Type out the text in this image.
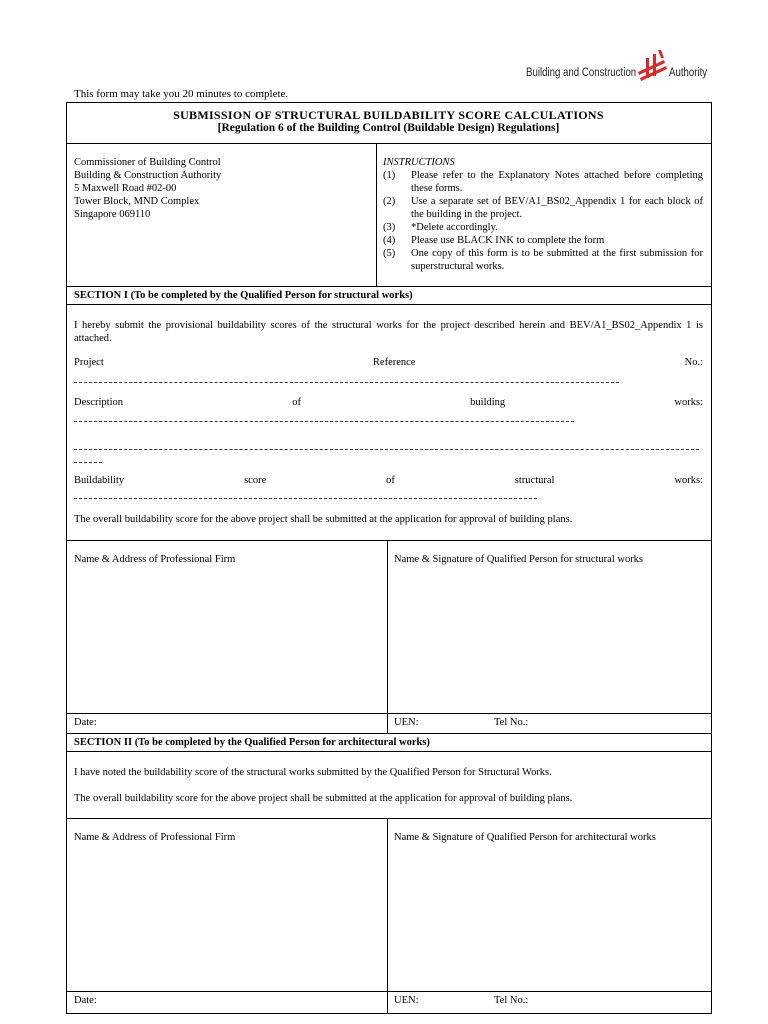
Building and Construction	Authority
This form may take you 20 minutes to complete.
SUBMISSION OF STRUCTURAL BUILDABILITY SCORE CALCULATIONS
[Regulation 6 of the Building Control (Buildable Design) Regulations]
Commissioner of Building Control
Building & Construction Authority
5 Maxwell Road #02-00
Tower Block, MND Complex
Singapore 069110
INSTRUCTIONS
(1)	Please refer to the Explanatory Notes attached before completing these forms.
(2)	Use a separate set of BEV/A1_BS02_Appendix 1 for each block of the building in the project.
(3)	*Delete accordingly.
(4)	Please use BLACK INK to complete the form
(5)	One copy of this form is to be submitted at the first submission for superstructural works.
SECTION I (To be completed by the Qualified Person for structural works)
I hereby submit the provisional buildability scores of the structural works for the project described herein and BEV/A1_BS02_Appendix 1 is attached.
Project	Reference	No.:
Description	of	building	works:
Buildability	score	of	structural	works:
The overall buildability score for the above project shall be submitted at the application for approval of building plans.
Name & Address of Professional Firm	Name & Signature of Qualified Person for structural works
Date:	UEN:	Tel No.:
SECTION II (To be completed by the Qualified Person for architectural works)
I have noted the buildability score of the structural works submitted by the Qualified Person for Structural Works.
The overall buildability score for the above project shall be submitted at the application for approval of building plans.
Name & Address of Professional Firm	Name & Signature of Qualified Person for architectural works
Date:	UEN:	Tel No.:
